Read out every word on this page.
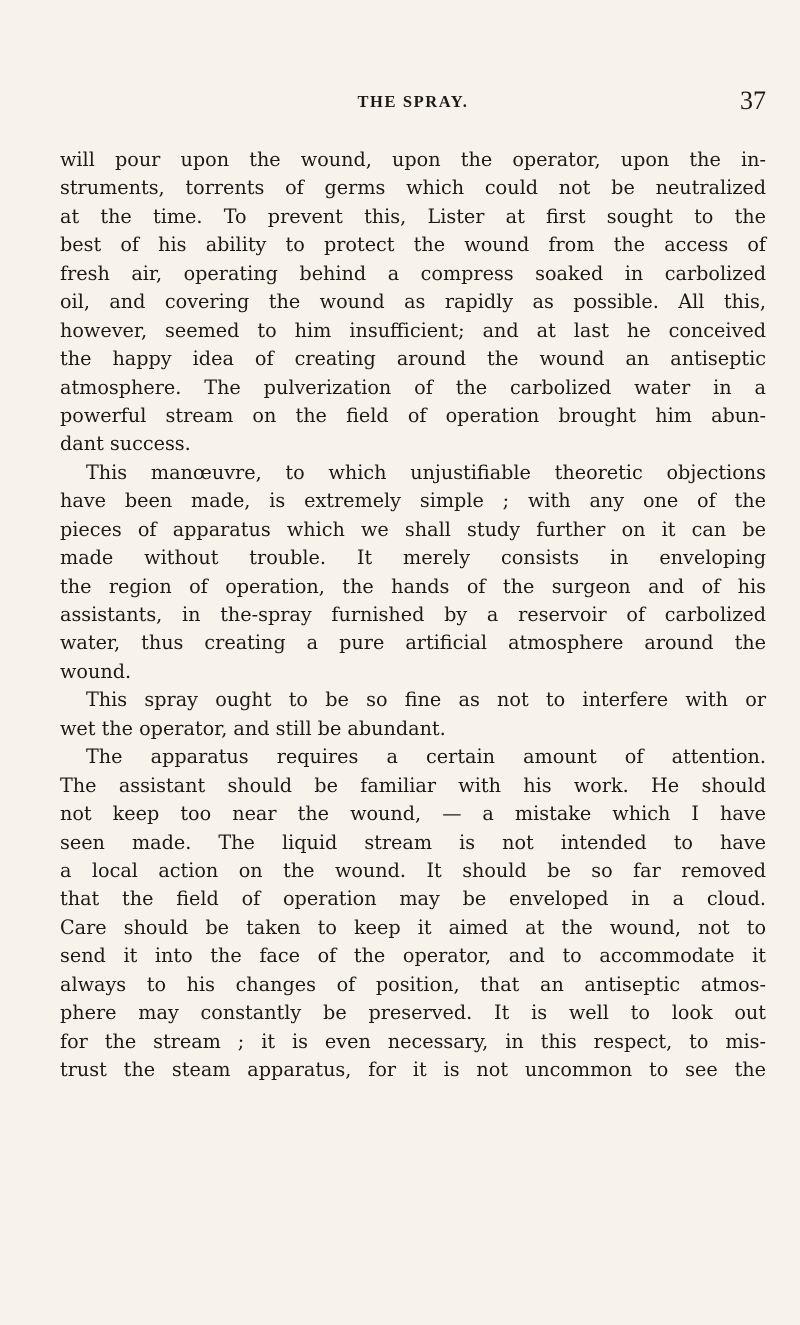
THE SPRAY.	37
will pour upon the wound, upon the operator, upon the in-
struments, torrents of germs which could not be neutralized
at the time. To prevent this, Lister at first sought to the
best of his ability to protect the wound from the access of
fresh air, operating behind a compress soaked in carbolized
oil, and covering the wound as rapidly as possible. All this,
however, seemed to him insufficient; and at last he conceived
the happy idea of creating around the wound an antiseptic
atmosphere. The pulverization of the carbolized water in a
powerful stream on the field of operation brought him abun-
dant success.
This manœuvre, to which unjustifiable theoretic objections
have been made, is extremely simple ; with any one of the
pieces of apparatus which we shall study further on it can be
made without trouble. It merely consists in enveloping
the region of operation, the hands of the surgeon and of his
assistants, in the-spray furnished by a reservoir of carbolized
water, thus creating a pure artificial atmosphere around the
wound.
This spray ought to be so fine as not to interfere with or
wet the operator, and still be abundant.
The apparatus requires a certain amount of attention.
The assistant should be familiar with his work. He should
not keep too near the wound, — a mistake which I have
seen made. The liquid stream is not intended to have
a local action on the wound. It should be so far removed
that the field of operation may be enveloped in a cloud.
Care should be taken to keep it aimed at the wound, not to
send it into the face of the operator, and to accommodate it
always to his changes of position, that an antiseptic atmos-
phere may constantly be preserved. It is well to look out
for the stream ; it is even necessary, in this respect, to mis-
trust the steam apparatus, for it is not uncommon to see the
